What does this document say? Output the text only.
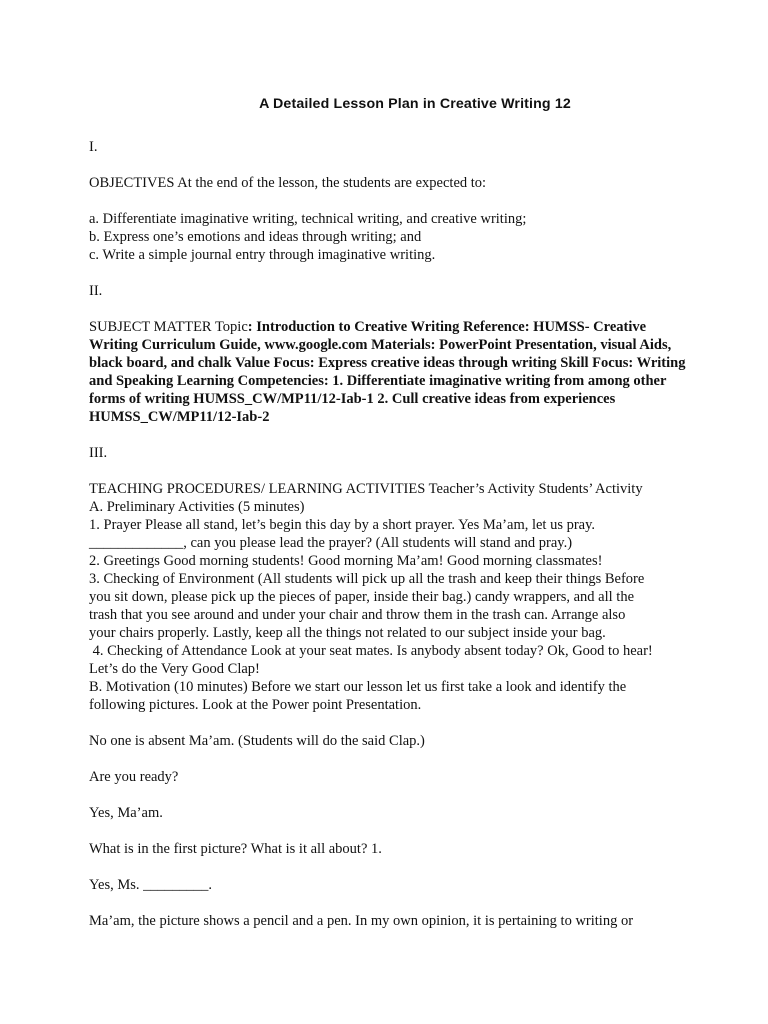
A Detailed Lesson Plan in Creative Writing 12

I.

OBJECTIVES At the end of the lesson, the students are expected to:

a. Differentiate imaginative writing, technical writing, and creative writing;
b. Express one’s emotions and ideas through writing; and
c. Write a simple journal entry through imaginative writing.

II.

SUBJECT MATTER Topic: Introduction to Creative Writing Reference: HUMSS- Creative Writing Curriculum Guide, www.google.com Materials: PowerPoint Presentation, visual Aids, black board, and chalk Value Focus: Express creative ideas through writing Skill Focus: Writing and Speaking Learning Competencies: 1. Differentiate imaginative writing from among other forms of writing HUMSS_CW/MP11/12-Iab-1 2. Cull creative ideas from experiences HUMSS_CW/MP11/12-Iab-2

III.

TEACHING PROCEDURES/ LEARNING ACTIVITIES Teacher’s Activity Students’ Activity
A. Preliminary Activities (5 minutes)
1. Prayer Please all stand, let’s begin this day by a short prayer. Yes Ma’am, let us pray.
_____________, can you please lead the prayer? (All students will stand and pray.)
2. Greetings Good morning students! Good morning Ma’am! Good morning classmates!
3. Checking of Environment (All students will pick up all the trash and keep their things Before
you sit down, please pick up the pieces of paper, inside their bag.) candy wrappers, and all the
trash that you see around and under your chair and throw them in the trash can. Arrange also
your chairs properly. Lastly, keep all the things not related to our subject inside your bag.
4. Checking of Attendance Look at your seat mates. Is anybody absent today? Ok, Good to hear!
Let’s do the Very Good Clap!
B. Motivation (10 minutes) Before we start our lesson let us first take a look and identify the
following pictures. Look at the Power point Presentation.

No one is absent Ma’am. (Students will do the said Clap.)

Are you ready?

Yes, Ma’am.

What is in the first picture? What is it all about? 1.

Yes, Ms. _________.

Ma’am, the picture shows a pencil and a pen. In my own opinion, it is pertaining to writing or
